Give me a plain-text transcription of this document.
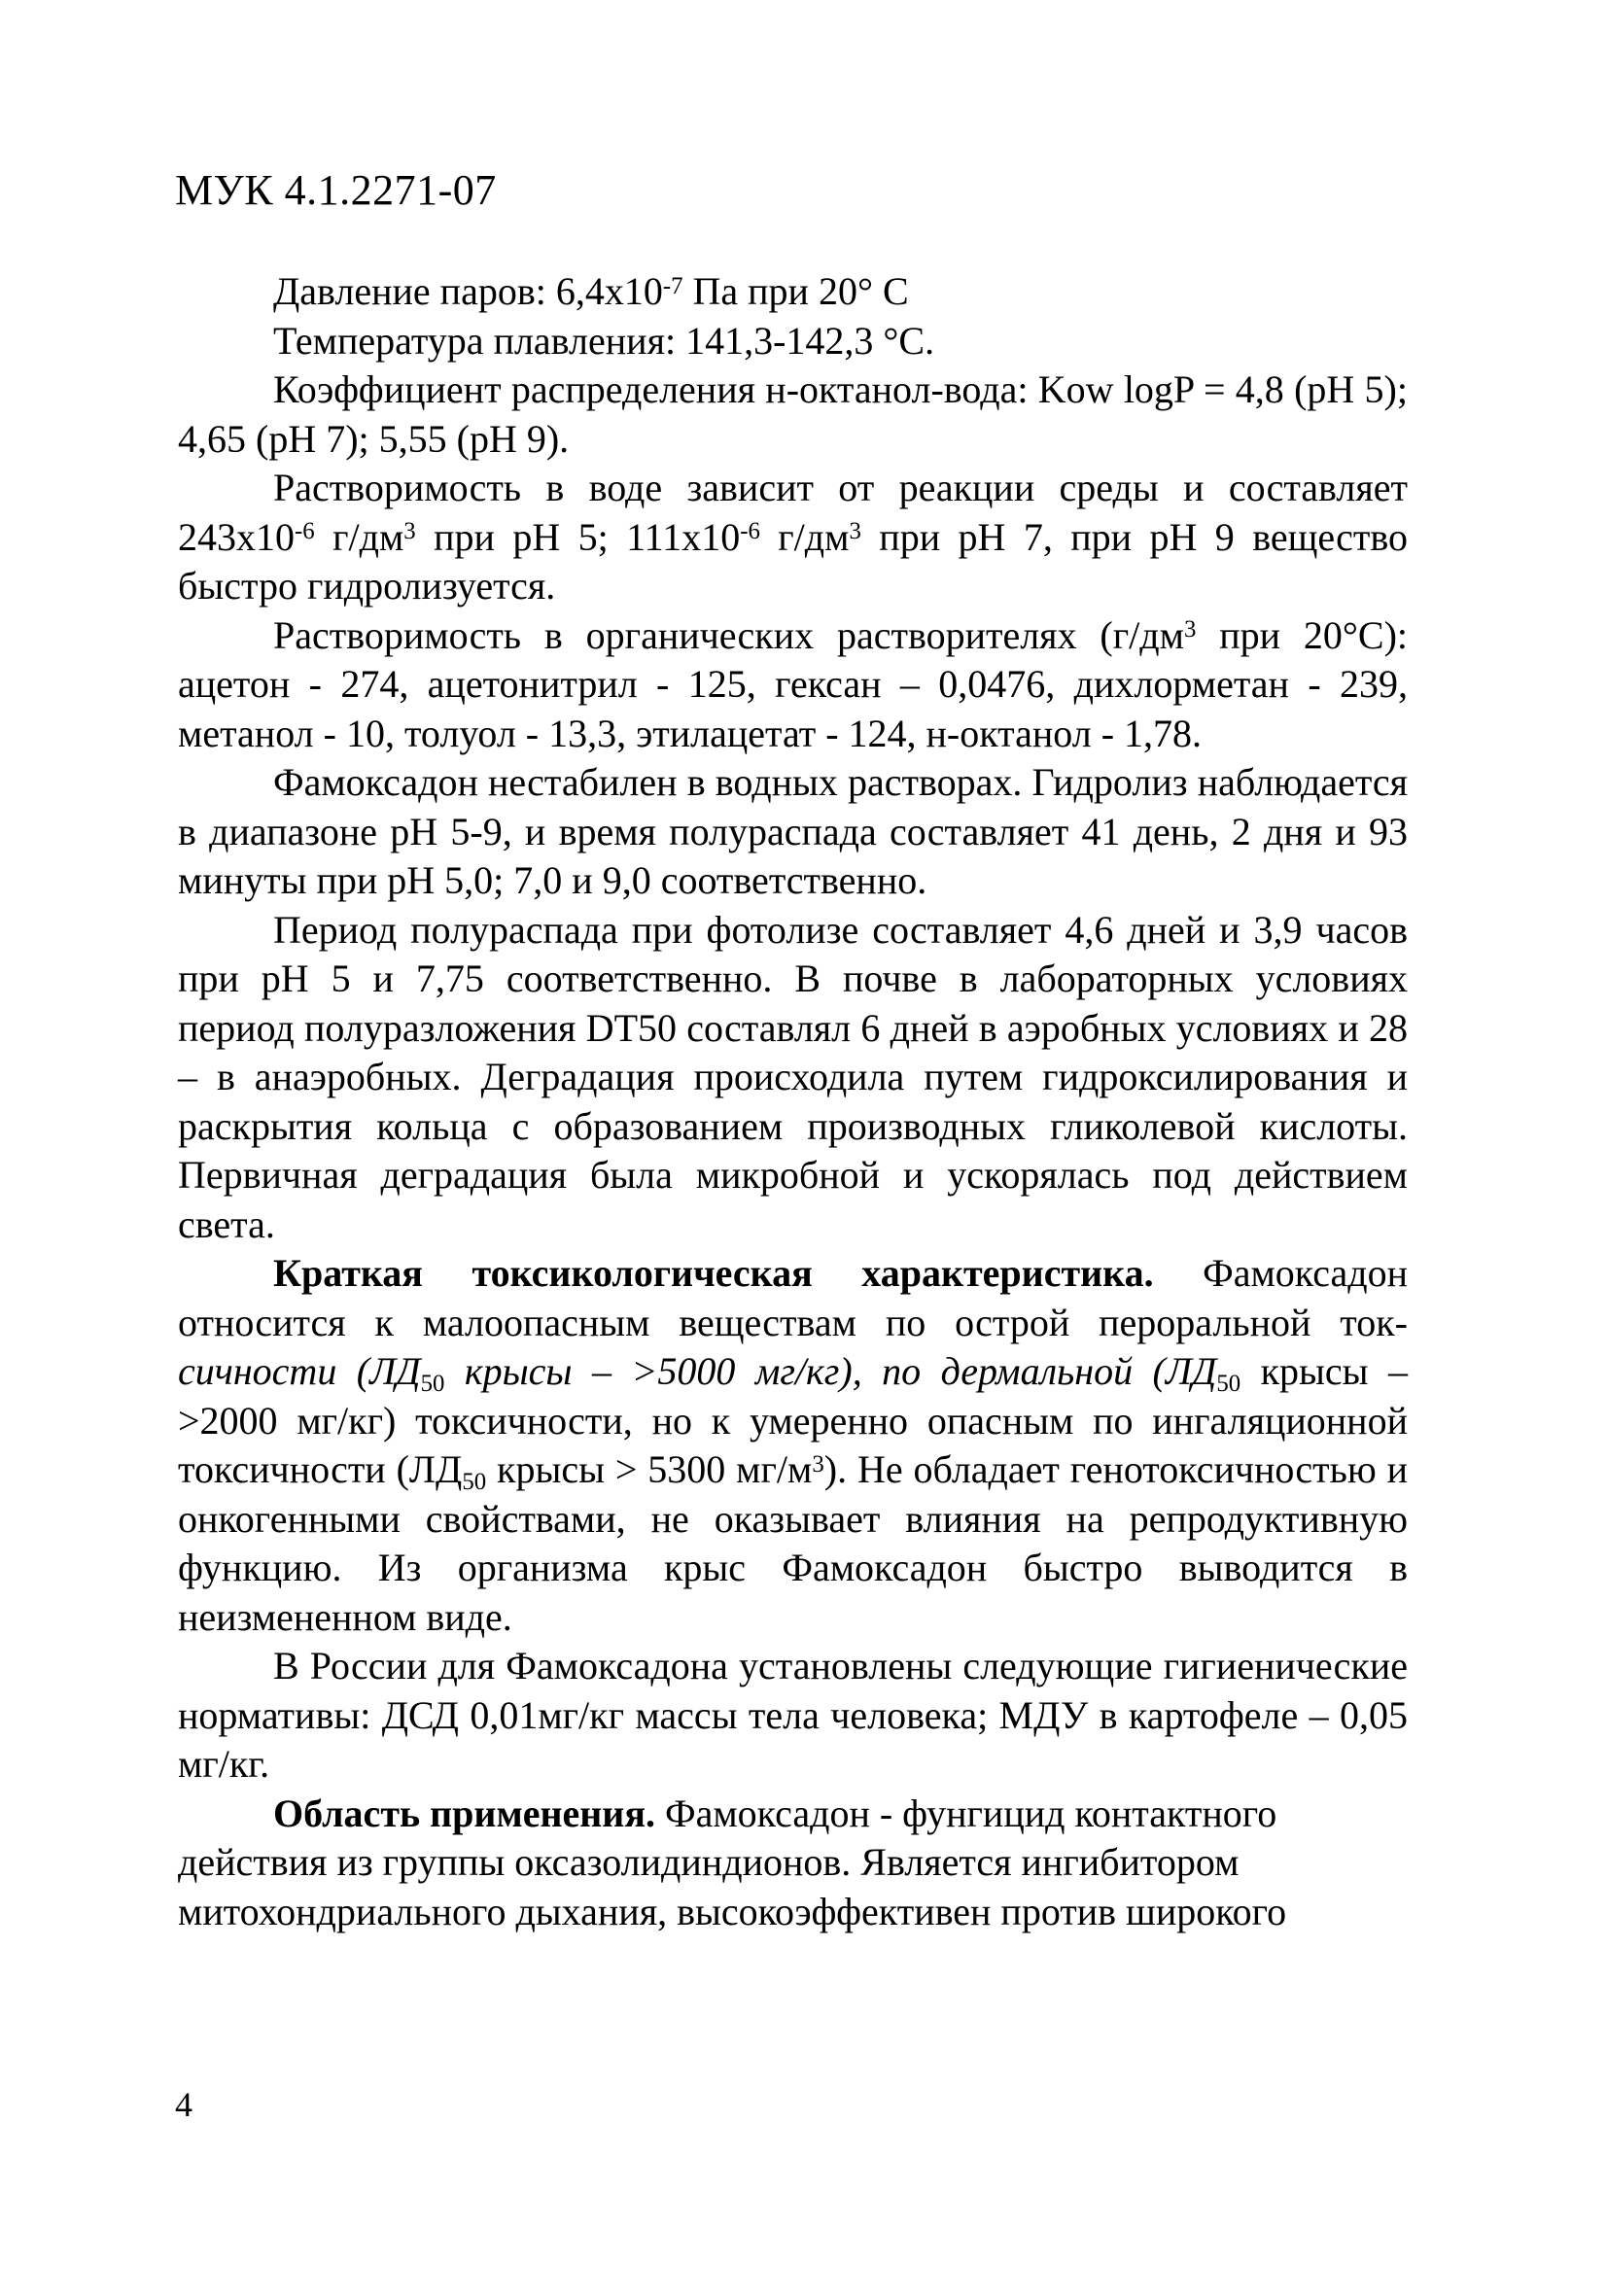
МУК 4.1.2271-07

Давление паров: $6,4x10^{-7}$ Па при 20° С

Температура плавления: 141,3-142,3 °С.

Коэффициент распределения н-октанол-вода: Kow logP = 4,8 (pH 5); 4,65 (pH 7); 5,55 (pH 9).

Растворимость в воде зависит от реакции среды и составляет $243x10^{-6}$ $г/дм^3$ при pH 5; $111x10^{-6}$ $г/дм^3$ при pH 7, при pH 9 вещество быстро гидролизуется.

Растворимость в органических растворителях ($г/дм^3$ при 20°С): ацетон - 274, ацетонитрил - 125, гексан – 0,0476, дихлорметан - 239, метанол - 10, толуол - 13,3, этилацетат - 124, н-октанол - 1,78.

Фамоксадон нестабилен в водных растворах. Гидролиз наблюдается в диапазоне pH 5-9, и время полураспада составляет 41 день, 2 дня и 93 минуты при pH 5,0; 7,0 и 9,0 соответственно.

Период полураспада при фотолизе составляет 4,6 дней и 3,9 часов при pH 5 и 7,75 соответственно. В почве в лабораторных условиях период полуразложения DT50 составлял 6 дней в аэробных условиях и 28 – в анаэробных. Деградация происходила путем гидроксилирования и раскрытия кольца с образованием производных гликолевой кислоты. Первичная деградация была микробной и ускорялась под действием света.

Краткая токсикологическая характеристика. Фамоксадон относится к малоопасным веществам по острой пероральной ток-сичности ($ЛД_{50}$ крысы – >5000 мг/кг), по дермальной ($ЛД_{50}$ крысы – >2000 мг/кг) токсичности, но к умеренно опасным по ингаляционной токсичности ($ЛД_{50}$ крысы > 5300 $мг/м^3$). Не обладает генотоксичностью и онкогенными свойствами, не оказывает влияния на репродуктивную функцию. Из организма крыс Фамоксадон быстро выводится в неизмененном виде.

В России для Фамоксадона установлены следующие гигиенические нормативы: ДСД 0,01мг/кг массы тела человека; МДУ в картофеле – 0,05 мг/кг.

Область применения. Фамоксадон - фунгицид контактного действия из группы оксазолидиндионов. Является ингибитором митохондриального дыхания, высокоэффективен против широкого

4
